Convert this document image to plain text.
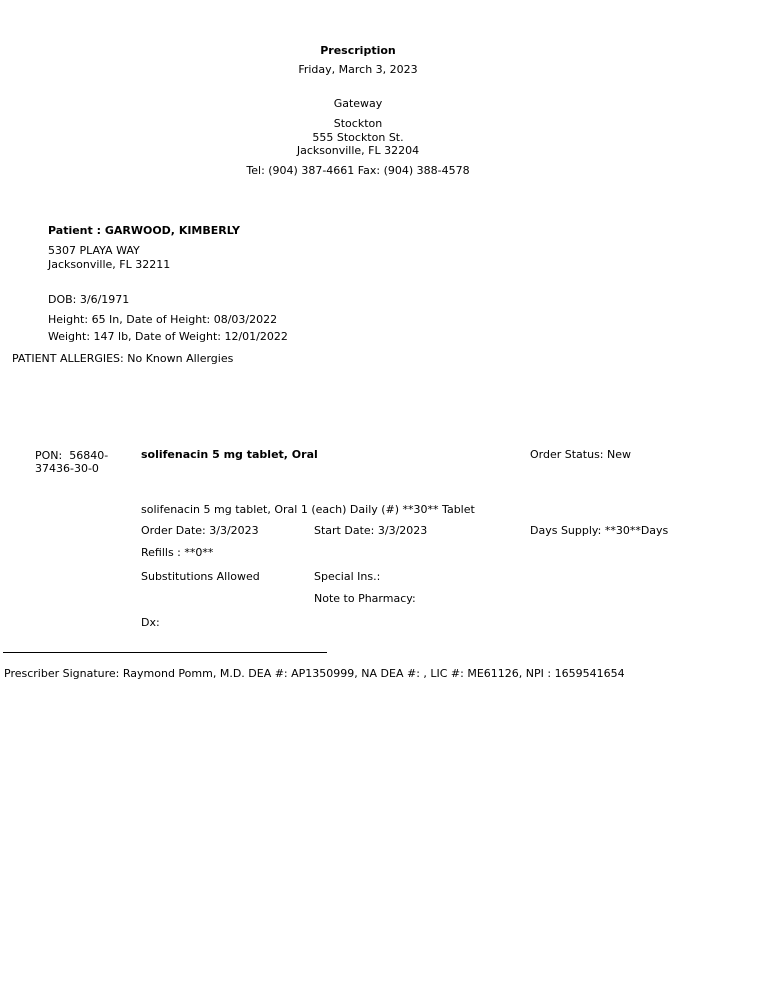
Prescription
Friday, March 3, 2023
Gateway
Stockton
555 Stockton St.
Jacksonville, FL 32204
Tel: (904) 387-4661 Fax: (904) 388-4578
Patient : GARWOOD, KIMBERLY
5307 PLAYA WAY
Jacksonville, FL 32211
DOB: 3/6/1971
Height: 65 In, Date of Height: 08/03/2022
Weight: 147 lb, Date of Weight: 12/01/2022
PATIENT ALLERGIES: No Known Allergies
PON: 56840-37436-30-0
solifenacin 5 mg tablet, Oral	Order Status: New
solifenacin 5 mg tablet, Oral 1 (each) Daily (#) **30** Tablet
Order Date: 3/3/2023	Start Date: 3/3/2023	Days Supply: **30**Days
Refills : **0**
Substitutions Allowed	Special Ins.:
Note to Pharmacy:
Dx:
Prescriber Signature: Raymond Pomm, M.D. DEA #: AP1350999, NA DEA #: , LIC #: ME61126, NPI : 1659541654
